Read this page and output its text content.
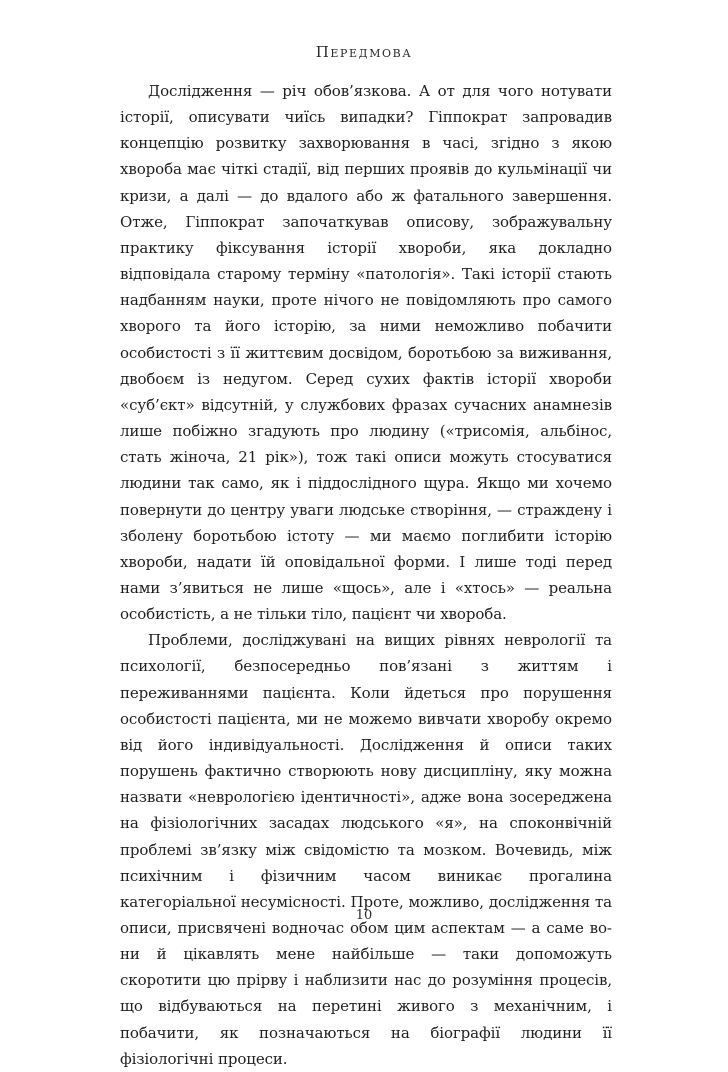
Передмова

Дослідження — річ обов’язкова. А от для чого нотувати історії, описувати чиїсь випадки? Гіппократ запровадив концепцію розвитку захворювання в часі, згідно з якою хвороба має чіткі стадії, від перших проявів до кульмінації чи кризи, а далі — до вдалого або ж фатального завершення. Отже, Гіппократ започаткував описову, зображувальну практику фіксування історії хвороби, яка докладно відповідала старому терміну «патологія». Такі історії стають надбанням науки, проте нічого не повідомляють про самого хворого та його історію, за ними неможливо побачити особистості з її життєвим досвідом, боротьбою за виживання, двобоєм із недугом. Серед сухих фактів історії хвороби «суб’єкт» відсутній, у службових фразах сучасних анамнезів лише побіжно згадують про людину («трисомія, альбінос, стать жіноча, 21 рік»), тож такі описи можуть стосуватися людини так само, як і піддослідного щура. Якщо ми хочемо повернути до центру уваги людське створіння, — страждену і зболену боротьбою істоту — ми маємо поглибити історію хвороби, надати їй оповідальної форми. І лише тоді перед нами з’явиться не лише «щось», але і «хтось» — реальна особистість, а не тільки тіло, пацієнт чи хвороба.

Проблеми, досліджувані на вищих рівнях неврології та психології, безпосередньо пов’язані з життям і переживаннями пацієнта. Коли йдеться про порушення особистості пацієнта, ми не можемо вивчати хворобу окремо від його індивідуальності. Дослідження й описи таких порушень фактично створюють нову дисципліну, яку можна назвати «неврологією ідентичності», адже вона зосереджена на фізіологічних засадах людського «я», на споконвічній проблемі зв’язку між свідомістю та мозком. Вочевидь, між психічним і фізичним часом виникає прогалина категоріальної несумісності. Проте, можливо, дослідження та описи, присвячені водночас обом цим аспектам — а саме вони й цікавлять мене найбільше — таки допоможуть скоротити цю прірву і наблизити нас до розуміння процесів, що відбуваються на перетині живого з механічним, і побачити, як позначаються на біографії людини її фізіологічні процеси.

10
